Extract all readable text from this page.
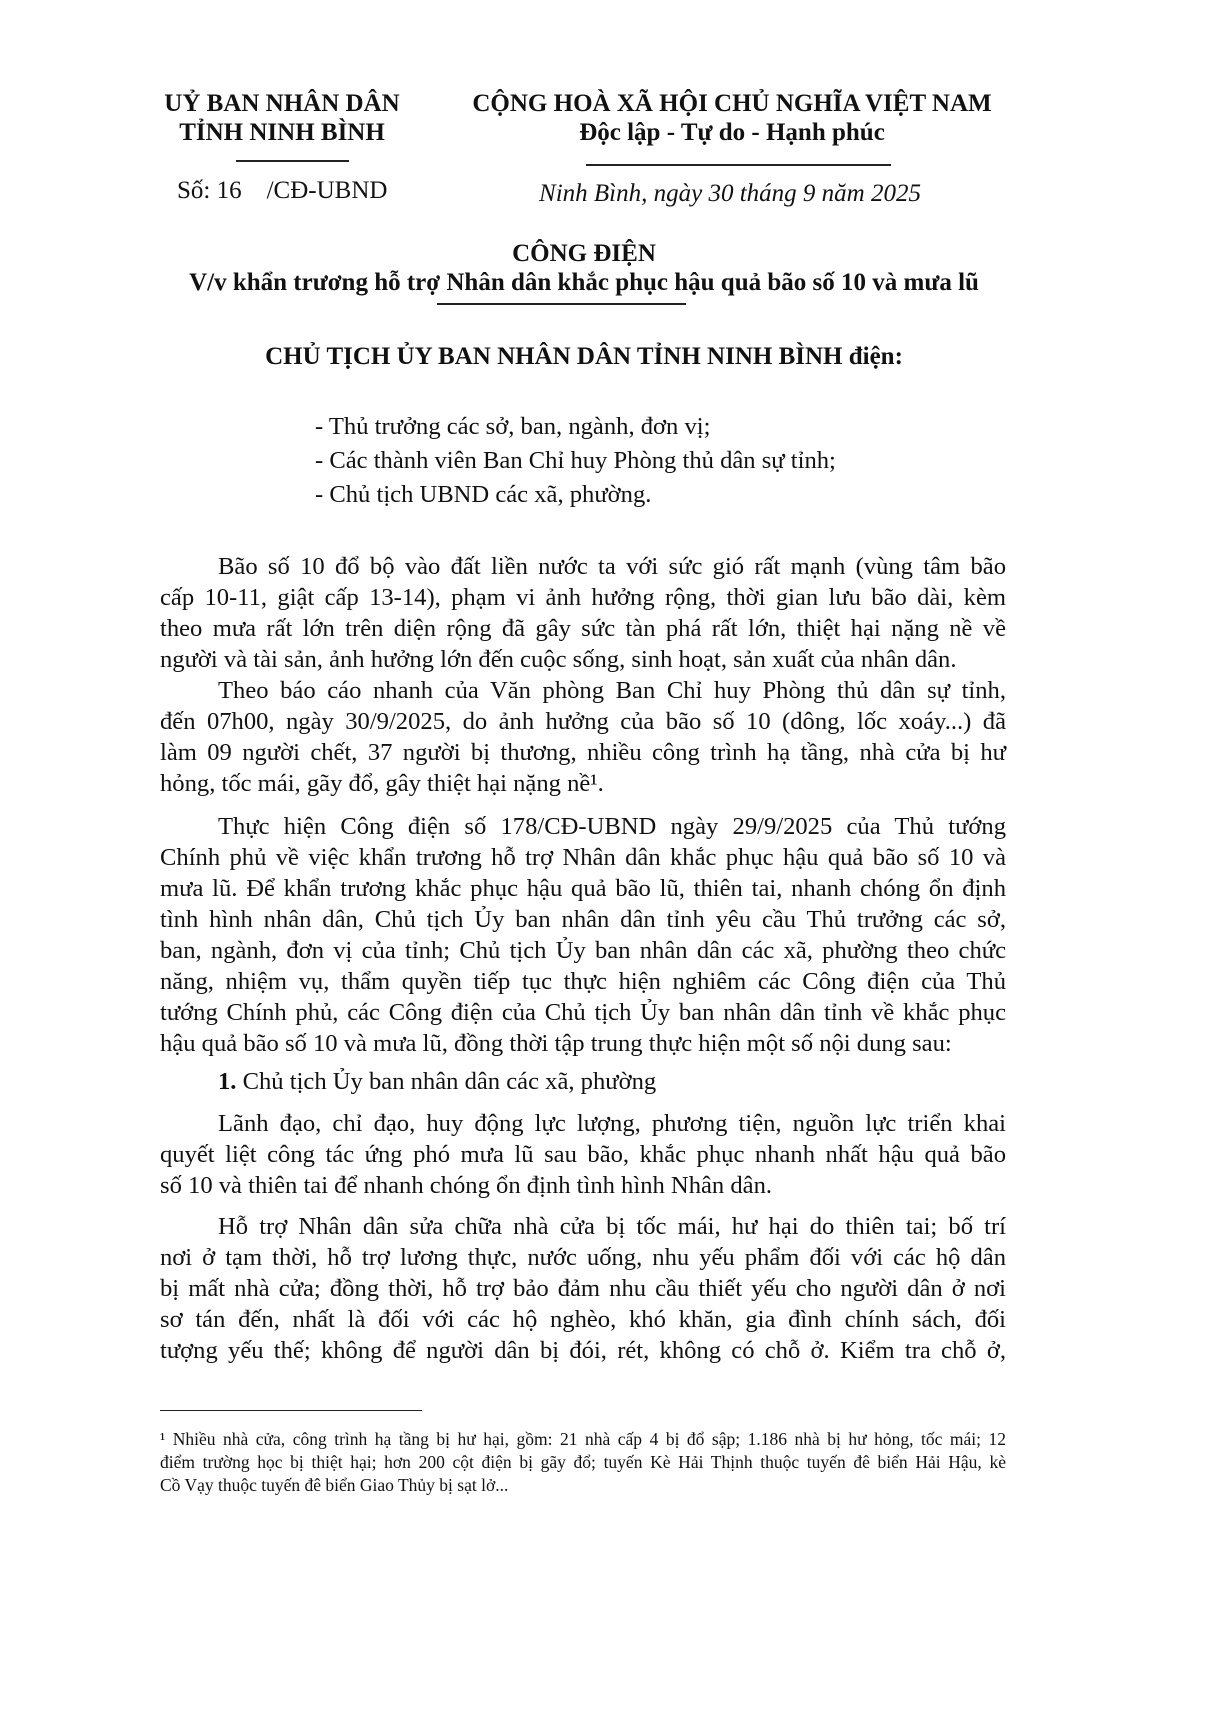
UỶ BAN NHÂN DÂN
TỈNH NINH BÌNH
CỘNG HOÀ XÃ HỘI CHỦ NGHĨA VIỆT NAM
Độc lập - Tự do - Hạnh phúc
Số: 16    /CĐ-UBND	Ninh Bình, ngày 30 tháng 9 năm 2025
CÔNG ĐIỆN
V/v khẩn trương hỗ trợ Nhân dân khắc phục hậu quả bão số 10 và mưa lũ
CHỦ TỊCH ỦY BAN NHÂN DÂN TỈNH NINH BÌNH điện:
- Thủ trưởng các sở, ban, ngành, đơn vị;
- Các thành viên Ban Chỉ huy Phòng thủ dân sự tỉnh;
- Chủ tịch UBND các xã, phường.
Bão số 10 đổ bộ vào đất liền nước ta với sức gió rất mạnh (vùng tâm bão
cấp 10-11, giật cấp 13-14), phạm vi ảnh hưởng rộng, thời gian lưu bão dài, kèm
theo mưa rất lớn trên diện rộng đã gây sức tàn phá rất lớn, thiệt hại nặng nề về
người và tài sản, ảnh hưởng lớn đến cuộc sống, sinh hoạt, sản xuất của nhân dân.
Theo báo cáo nhanh của Văn phòng Ban Chỉ huy Phòng thủ dân sự tỉnh,
đến 07h00, ngày 30/9/2025, do ảnh hưởng của bão số 10 (dông, lốc xoáy...) đã
làm 09 người chết, 37 người bị thương, nhiều công trình hạ tầng, nhà cửa bị hư
hỏng, tốc mái, gãy đổ, gây thiệt hại nặng nề¹.
Thực hiện Công điện số 178/CĐ-UBND ngày 29/9/2025 của Thủ tướng
Chính phủ về việc khẩn trương hỗ trợ Nhân dân khắc phục hậu quả bão số 10 và
mưa lũ. Để khẩn trương khắc phục hậu quả bão lũ, thiên tai, nhanh chóng ổn định
tình hình nhân dân, Chủ tịch Ủy ban nhân dân tỉnh yêu cầu Thủ trưởng các sở,
ban, ngành, đơn vị của tỉnh; Chủ tịch Ủy ban nhân dân các xã, phường theo chức
năng, nhiệm vụ, thẩm quyền tiếp tục thực hiện nghiêm các Công điện của Thủ
tướng Chính phủ, các Công điện của Chủ tịch Ủy ban nhân dân tỉnh về khắc phục
hậu quả bão số 10 và mưa lũ, đồng thời tập trung thực hiện một số nội dung sau:
1. Chủ tịch Ủy ban nhân dân các xã, phường
Lãnh đạo, chỉ đạo, huy động lực lượng, phương tiện, nguồn lực triển khai
quyết liệt công tác ứng phó mưa lũ sau bão, khắc phục nhanh nhất hậu quả bão
số 10 và thiên tai để nhanh chóng ổn định tình hình Nhân dân.
Hỗ trợ Nhân dân sửa chữa nhà cửa bị tốc mái, hư hại do thiên tai; bố trí
nơi ở tạm thời, hỗ trợ lương thực, nước uống, nhu yếu phẩm đối với các hộ dân
bị mất nhà cửa; đồng thời, hỗ trợ bảo đảm nhu cầu thiết yếu cho người dân ở nơi
sơ tán đến, nhất là đối với các hộ nghèo, khó khăn, gia đình chính sách, đối
tượng yếu thế; không để người dân bị đói, rét, không có chỗ ở. Kiểm tra chỗ ở,
¹ Nhiều nhà cửa, công trình hạ tầng bị hư hại, gồm: 21 nhà cấp 4 bị đổ sập; 1.186 nhà bị hư hỏng, tốc mái; 12
điểm trường học bị thiệt hại; hơn 200 cột điện bị gãy đổ; tuyến Kè Hải Thịnh thuộc tuyến đê biển Hải Hậu, kè
Cồ Vạy thuộc tuyến đê biển Giao Thủy bị sạt lở...
